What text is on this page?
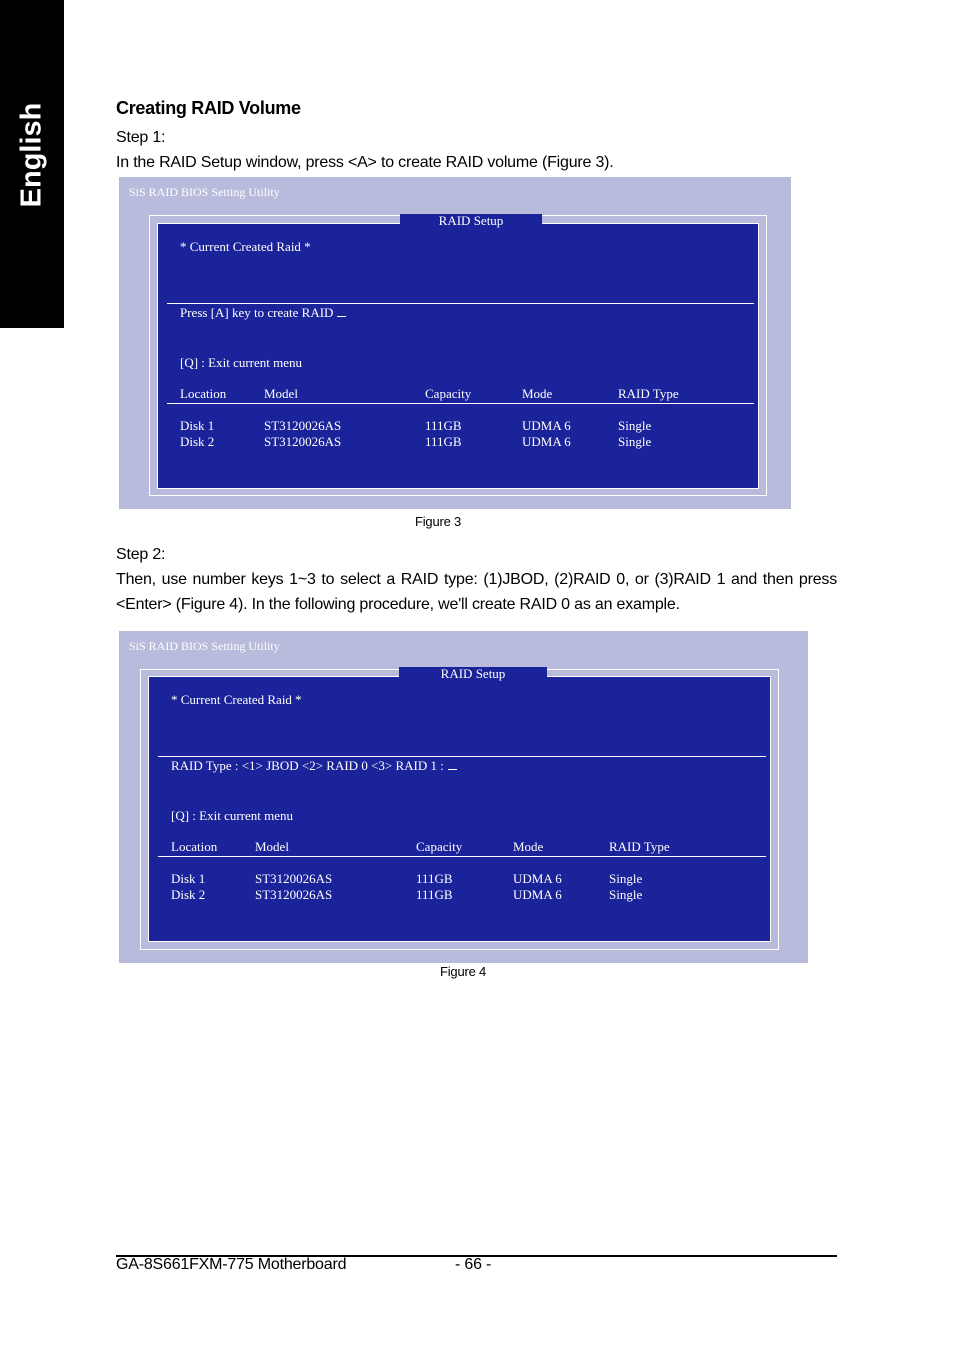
English	Creating RAID Volume
Step 1:
In the RAID Setup window, press <A> to create RAID volume (Figure 3).
SiS RAID BIOS Setting Utility
* Current Created Raid *
Press [A] key to create RAID
[Q] : Exit current menu
Location	Model	Capacity	Mode	RAID Type
Disk 1	ST3120026AS	111GB	UDMA 6	Single
Disk 2	ST3120026AS	111GB	UDMA 6	Single
RAID Setup
Figure 3
Step 2:
Then, use number keys 1~3 to select a RAID type: (1)JBOD, (2)RAID 0, or (3)RAID 1 and then press <Enter> (Figure 4). In the following procedure, we'll create RAID 0 as an example.
SiS RAID BIOS Setting Utility
* Current Created Raid *
RAID Type : <1> JBOD <2> RAID 0 <3> RAID 1 :
[Q] : Exit current menu
Location	Model	Capacity	Mode	RAID Type
Disk 1	ST3120026AS	111GB	UDMA 6	Single
Disk 2	ST3120026AS	111GB	UDMA 6	Single
RAID Setup
Figure 4
GA-8S661FXM-775 Motherboard	- 66 -
